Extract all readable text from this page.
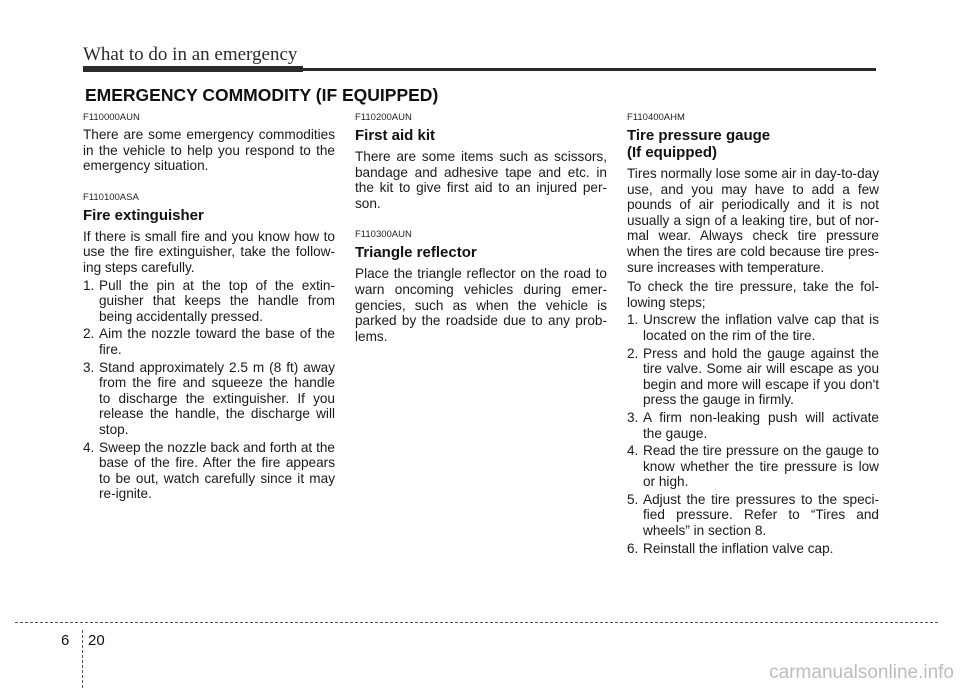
What to do in an emergency
EMERGENCY COMMODITY (IF EQUIPPED)

F110000AUN

There are some emergency commodities in the vehicle to help you respond to the emergency situation.

F110100ASA

Fire extinguisher

If there is small fire and you know how to use the fire extinguisher, take the follow-ing steps carefully.

1. Pull the pin at the top of the extin-guisher that keeps the handle from being accidentally pressed.
2. Aim the nozzle toward the base of the fire.
3. Stand approximately 2.5 m (8 ft) away from the fire and squeeze the handle to discharge the extinguisher. If you release the handle, the discharge will stop.
4. Sweep the nozzle back and forth at the base of the fire. After the fire appears to be out, watch carefully since it may re-ignite.

F110200AUN

First aid kit

There are some items such as scissors, bandage and adhesive tape and etc. in the kit to give first aid to an injured per-son.

F110300AUN

Triangle reflector

Place the triangle reflector on the road to warn oncoming vehicles during emer-gencies, such as when the vehicle is parked by the roadside due to any prob-lems.

F110400AHM

Tire pressure gauge
(If equipped)

Tires normally lose some air in day-to-day use, and you may have to add a few pounds of air periodically and it is not usually a sign of a leaking tire, but of nor-mal wear. Always check tire pressure when the tires are cold because tire pres-sure increases with temperature.

To check the tire pressure, take the fol-lowing steps;

1. Unscrew the inflation valve cap that is located on the rim of the tire.
2. Press and hold the gauge against the tire valve. Some air will escape as you begin and more will escape if you don't press the gauge in firmly.
3. A firm non-leaking push will activate the gauge.
4. Read the tire pressure on the gauge to know whether the tire pressure is low or high.
5. Adjust the tire pressures to the speci-fied pressure. Refer to “Tires and wheels” in section 8.
6. Reinstall the inflation valve cap.
6 20
carmanualsonline.info
